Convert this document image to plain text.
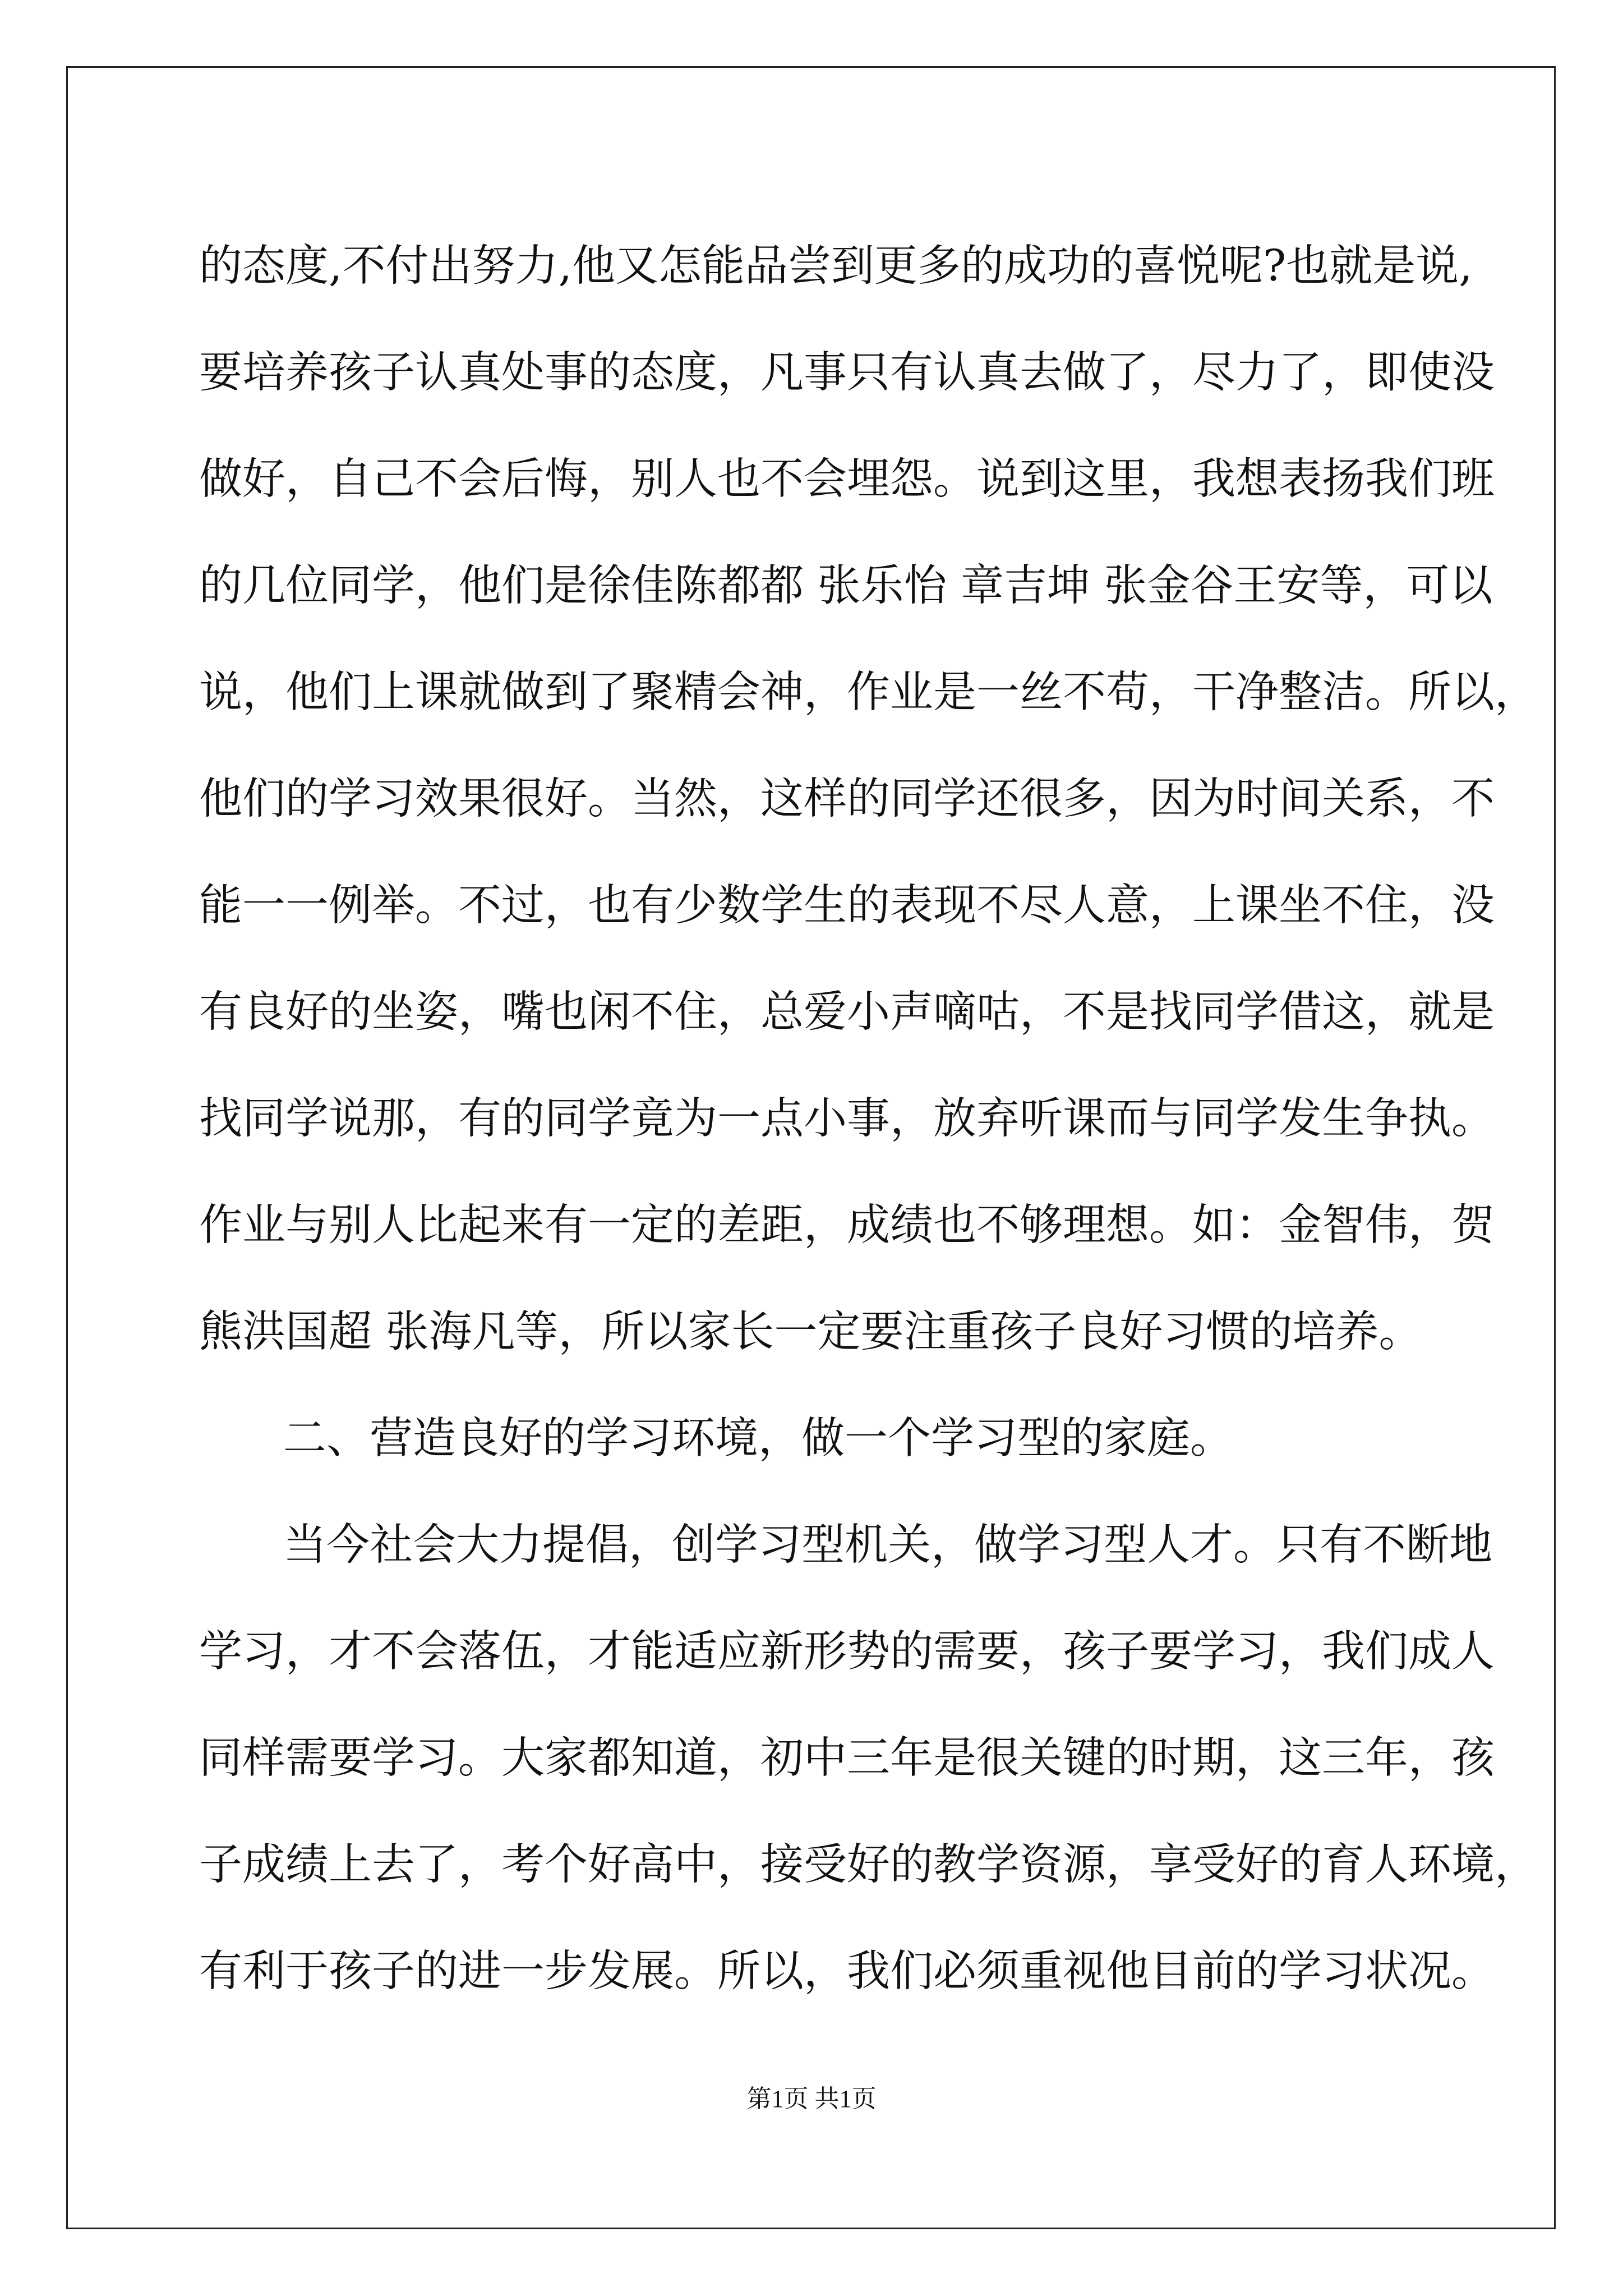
的态度,不付出努力,他又怎能品尝到更多的成功的喜悦呢?也就是说,
要培养孩子认真处事的态度，凡事只有认真去做了，尽力了，即使没
做好，自己不会后悔，别人也不会埋怨。说到这里，我想表扬我们班
的几位同学，他们是徐佳陈都都 张乐怡 章吉坤 张金谷王安等，可以
说，他们上课就做到了聚精会神，作业是一丝不苟，干净整洁。所以，
他们的学习效果很好。当然，这样的同学还很多，因为时间关系，不
能一一例举。不过，也有少数学生的表现不尽人意，上课坐不住，没
有良好的坐姿，嘴也闲不住，总爱小声嘀咕，不是找同学借这，就是
找同学说那，有的同学竟为一点小事，放弃听课而与同学发生争执。
作业与别人比起来有一定的差距，成绩也不够理想。如：金智伟，贺
熊洪国超 张海凡等，所以家长一定要注重孩子良好习惯的培养。
二、营造良好的学习环境，做一个学习型的家庭。
当今社会大力提倡，创学习型机关，做学习型人才。只有不断地
学习，才不会落伍，才能适应新形势的需要，孩子要学习，我们成人
同样需要学习。大家都知道，初中三年是很关键的时期，这三年，孩
子成绩上去了，考个好高中，接受好的教学资源，享受好的育人环境，
有利于孩子的进一步发展。所以，我们必须重视他目前的学习状况。
第1页 共1页
